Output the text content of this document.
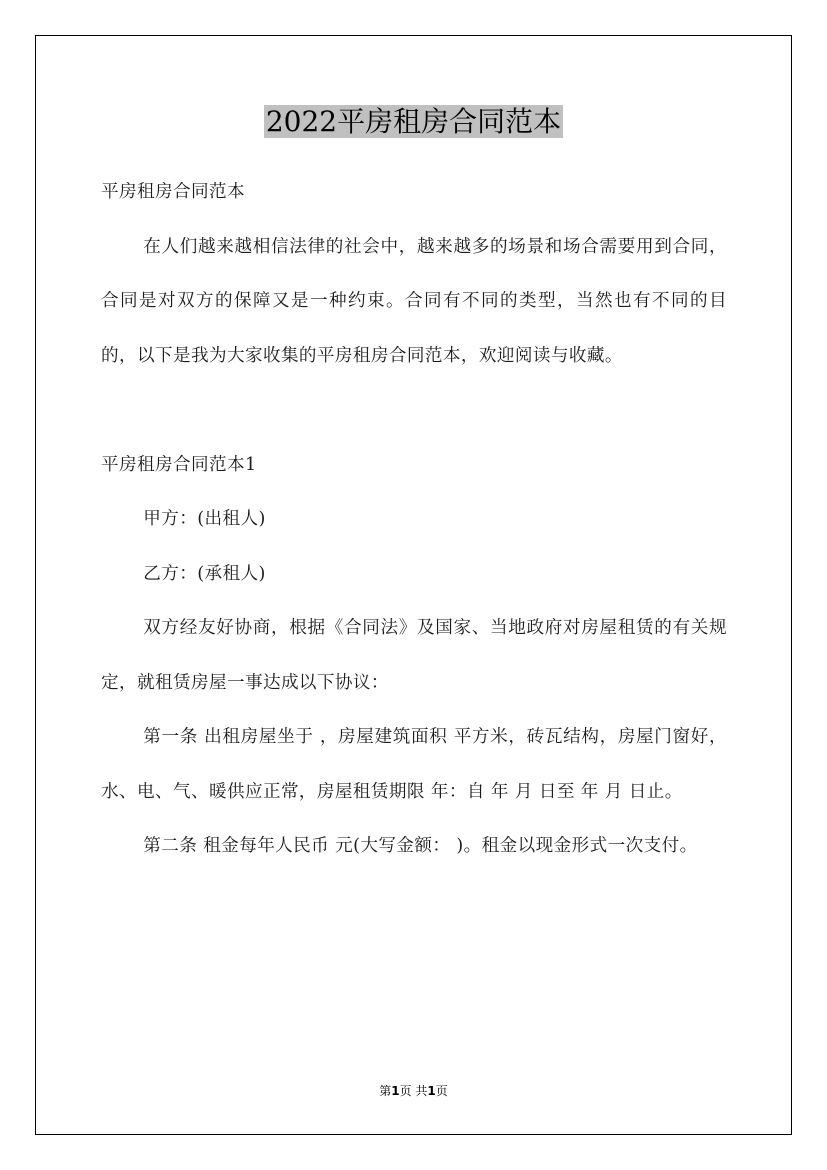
2022平房租房合同范本

平房租房合同范本

在人们越来越相信法律的社会中，越来越多的场景和场合需要用到合同，合同是对双方的保障又是一种约束。合同有不同的类型，当然也有不同的目的，以下是我为大家收集的平房租房合同范本，欢迎阅读与收藏。

平房租房合同范本1

甲方：(出租人)

乙方：(承租人)

双方经友好协商，根据《合同法》及国家、当地政府对房屋租赁的有关规定，就租赁房屋一事达成以下协议：

第一条 出租房屋坐于 ，房屋建筑面积 平方米，砖瓦结构，房屋门窗好，水、电、气、暖供应正常，房屋租赁期限 年：自 年 月 日至 年 月 日止。

第二条 租金每年人民币 元(大写金额： )。租金以现金形式一次支付。

第1页 共1页
